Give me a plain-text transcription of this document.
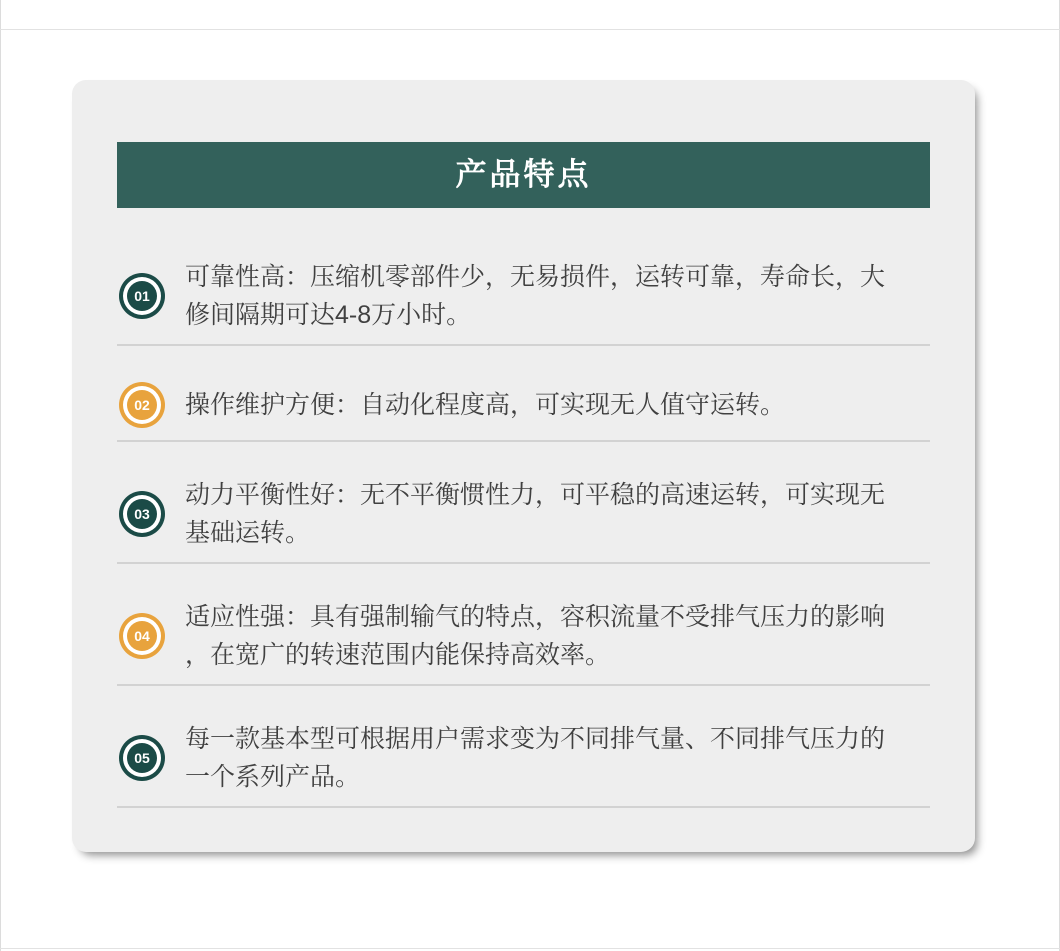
产品特点
01
可靠性高：压缩机零部件少，无易损件，运转可靠，寿命长，大
修间隔期可达4-8万小时。
02 操作维护方便：自动化程度高，可实现无人值守运转。
03
动力平衡性好：无不平衡惯性力，可平稳的高速运转，可实现无
基础运转。
04
适应性强：具有强制输气的特点，容积流量不受排气压力的影响
，在宽广的转速范围内能保持高效率。
05
每一款基本型可根据用户需求变为不同排气量、不同排气压力的
一个系列产品。
